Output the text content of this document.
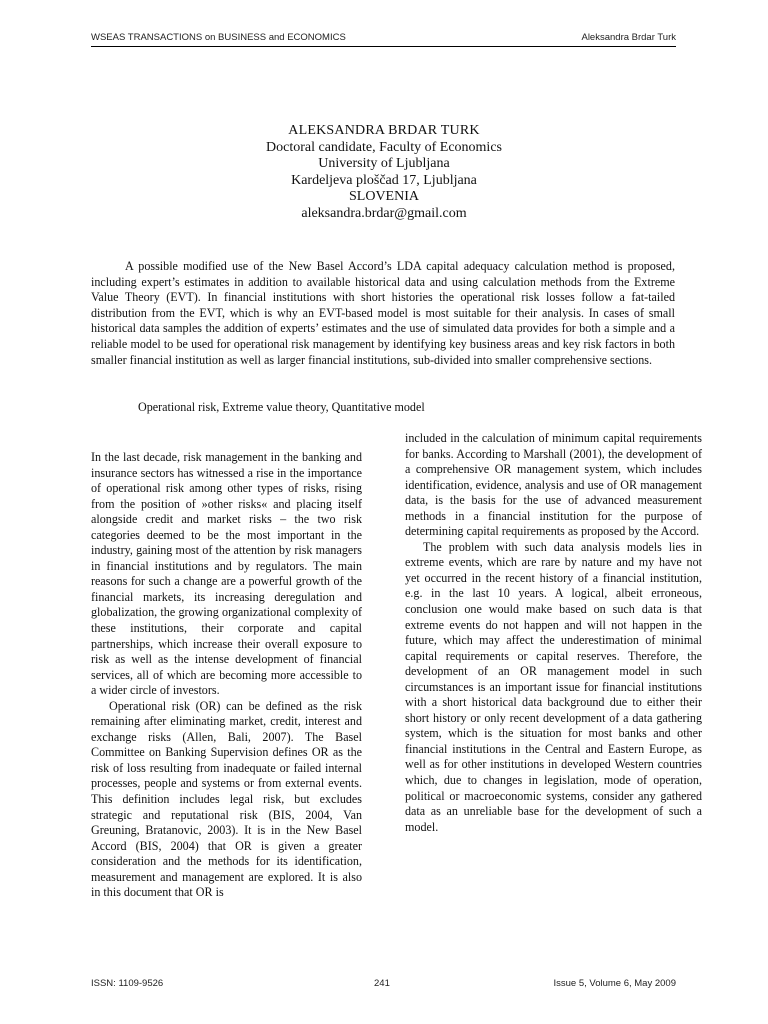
WSEAS TRANSACTIONS on BUSINESS and ECONOMICS	Aleksandra Brdar Turk
ALEKSANDRA BRDAR TURK
Doctoral candidate, Faculty of Economics
University of Ljubljana
Kardeljeva ploščad 17, Ljubljana
SLOVENIA
aleksandra.brdar@gmail.com

A possible modified use of the New Basel Accord’s LDA capital adequacy calculation method is proposed, including expert’s estimates in addition to available historical data and using calculation methods from the Extreme Value Theory (EVT). In financial institutions with short histories the operational risk losses follow a fat-tailed distribution from the EVT, which is why an EVT-based model is most suitable for their analysis. In cases of small historical data samples the addition of experts’ estimates and the use of simulated data provides for both a simple and a reliable model to be used for operational risk management by identifying key business areas and key risk factors in both smaller financial institution as well as larger financial institutions, sub-divided into smaller comprehensive sections.

Operational risk, Extreme value theory, Quantitative model

In the last decade, risk management in the banking and insurance sectors has witnessed a rise in the importance of operational risk among other types of risks, rising from the position of »other risks« and placing itself alongside credit and market risks – the two risk categories deemed to be the most important in the industry, gaining most of the attention by risk managers in financial institutions and by regulators. The main reasons for such a change are a powerful growth of the financial markets, its increasing deregulation and globalization, the growing organizational complexity of these institutions, their corporate and capital partnerships, which increase their overall exposure to risk as well as the intense development of financial services, all of which are becoming more accessible to a wider circle of investors.

Operational risk (OR) can be defined as the risk remaining after eliminating market, credit, interest and exchange risks (Allen, Bali, 2007). The Basel Committee on Banking Supervision defines OR as the risk of loss resulting from inadequate or failed internal processes, people and systems or from external events. This definition includes legal risk, but excludes strategic and reputational risk (BIS, 2004, Van Greuning, Bratanovic, 2003). It is in the New Basel Accord (BIS, 2004) that OR is given a greater consideration and the methods for its identification, measurement and management are explored. It is also in this document that OR is

included in the calculation of minimum capital requirements for banks. According to Marshall (2001), the development of a comprehensive OR management system, which includes identification, evidence, analysis and use of OR management data, is the basis for the use of advanced measurement methods in a financial institution for the purpose of determining capital requirements as proposed by the Accord.

The problem with such data analysis models lies in extreme events, which are rare by nature and my have not yet occurred in the recent history of a financial institution, e.g. in the last 10 years. A logical, albeit erroneous, conclusion one would make based on such data is that extreme events do not happen and will not happen in the future, which may affect the underestimation of minimal capital requirements or capital reserves. Therefore, the development of an OR management model in such circumstances is an important issue for financial institutions with a short historical data background due to either their short history or only recent development of a data gathering system, which is the situation for most banks and other financial institutions in the Central and Eastern Europe, as well as for other institutions in developed Western countries which, due to changes in legislation, mode of operation, political or macroeconomic systems, consider any gathered data as an unreliable base for the development of such a model.

ISSN: 1109-9526	241	Issue 5, Volume 6, May 2009
